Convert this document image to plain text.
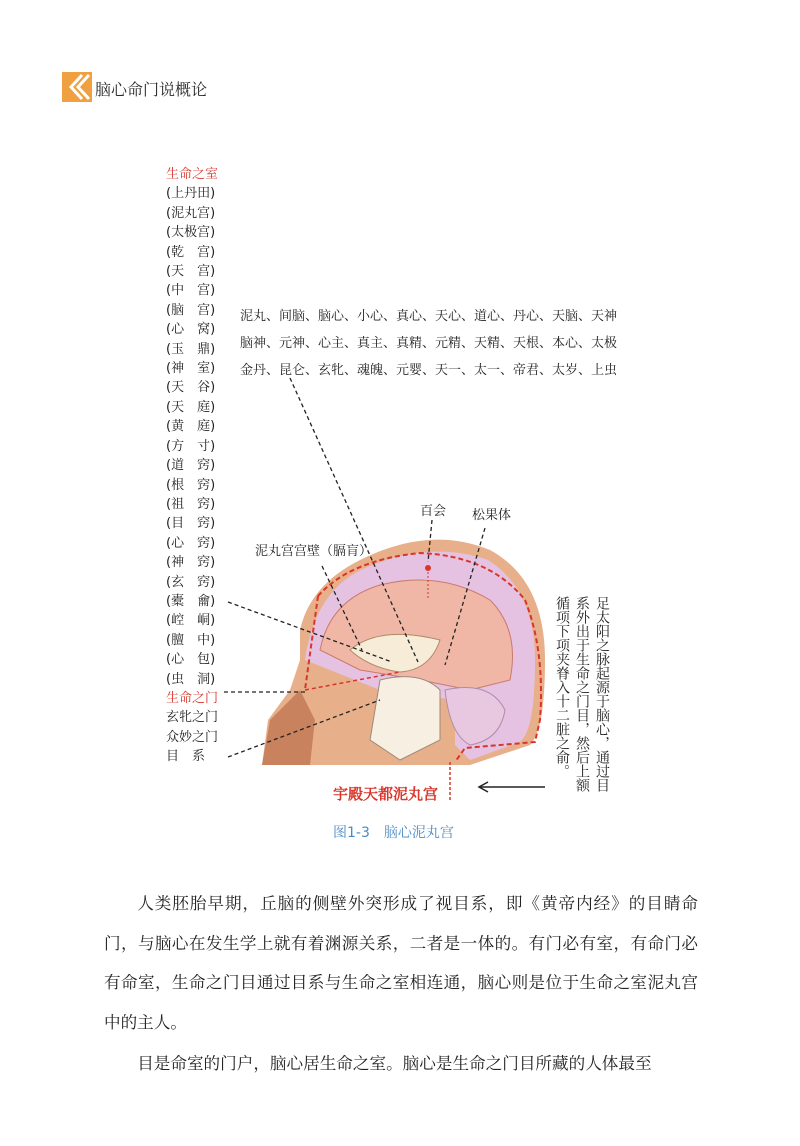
脑心命门说概论
生命之室
(上丹田)
(泥丸宫)
(太极宫)
(乾　宫)
(天　宫)
(中　宫)
(脑　宫)
(心　窝)
(玉　鼎)
(神　室)
(天　谷)
(天　庭)
(黄　庭)
(方　寸)
(道　窍)
(根　窍)
(祖　窍)
(目　窍)
(心　窍)
(神　窍)
(玄　窍)
(橐　龠)
(崆　峒)
(膻　中)
(心　包)
(虫　洞)
生命之门
玄牝之门
众妙之门
目　系
泥丸、间脑、脑心、小心、真心、天心、道心、丹心、天脑、天神
脑神、元神、心主、真主、真精、元精、天精、天根、本心、太极
金丹、昆仑、玄牝、魂魄、元婴、天一、太一、帝君、太岁、上虫
百会 松果体
泥丸宫宫壁（膈肓）
足太阳之脉起源于脑心，通过目系外出于生命之门目，然后上额循项下项夹脊入十二脏之俞。
宇殿天都泥丸宫
图1-3　脑心泥丸宫

人类胚胎早期，丘脑的侧壁外突形成了视目系，即《黄帝内经》的目睛命门，与脑心在发生学上就有着渊源关系，二者是一体的。有门必有室，有命门必有命室，生命之门目通过目系与生命之室相连通，脑心则是位于生命之室泥丸宫中的主人。

目是命室的门户，脑心居生命之室。脑心是生命之门目所藏的人体最至
